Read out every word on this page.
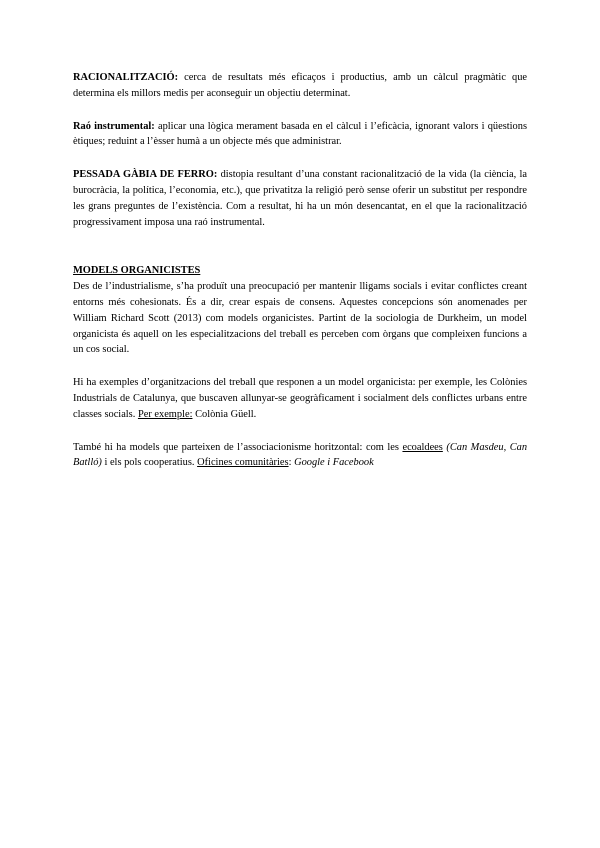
RACIONALITZACIÓ: cerca de resultats més eficaços i productius, amb un càlcul pragmàtic que determina els millors medis per aconseguir un objectiu determinat.

Raó instrumental: aplicar una lògica merament basada en el càlcul i l’eficàcia, ignorant valors i qüestions ètiques; reduint a l’èsser humà a un objecte més que administrar.

PESSADA GÀBIA DE FERRO: distopia resultant d’una constant racionalització de la vida (la ciència, la burocràcia, la política, l’economia, etc.), que privatitza la religió però sense oferir un substitut per respondre les grans preguntes de l’existència. Com a resultat, hi ha un món desencantat, en el que la racionalització progressivament imposa una raó instrumental.

MODELS ORGANICISTES

Des de l’industrialisme, s’ha produït una preocupació per mantenir lligams socials i evitar conflictes creant entorns més cohesionats. És a dir, crear espais de consens. Aquestes concepcions són anomenades per William Richard Scott (2013) com models organicistes. Partint de la sociologia de Durkheim, un model organicista és aquell on les especialitzacions del treball es perceben com òrgans que compleixen funcions a un cos social.

Hi ha exemples d’organitzacions del treball que responen a un model organicista: per exemple, les Colònies Industrials de Catalunya, que buscaven allunyar-se geogràficament i socialment dels conflictes urbans entre classes socials. Per exemple: Colònia Güell.

També hi ha models que parteixen de l’associacionisme horitzontal: com les ecoaldees (Can Masdeu, Can Batlló) i els pols cooperatius. Oficines comunitàries: Google i Facebook
